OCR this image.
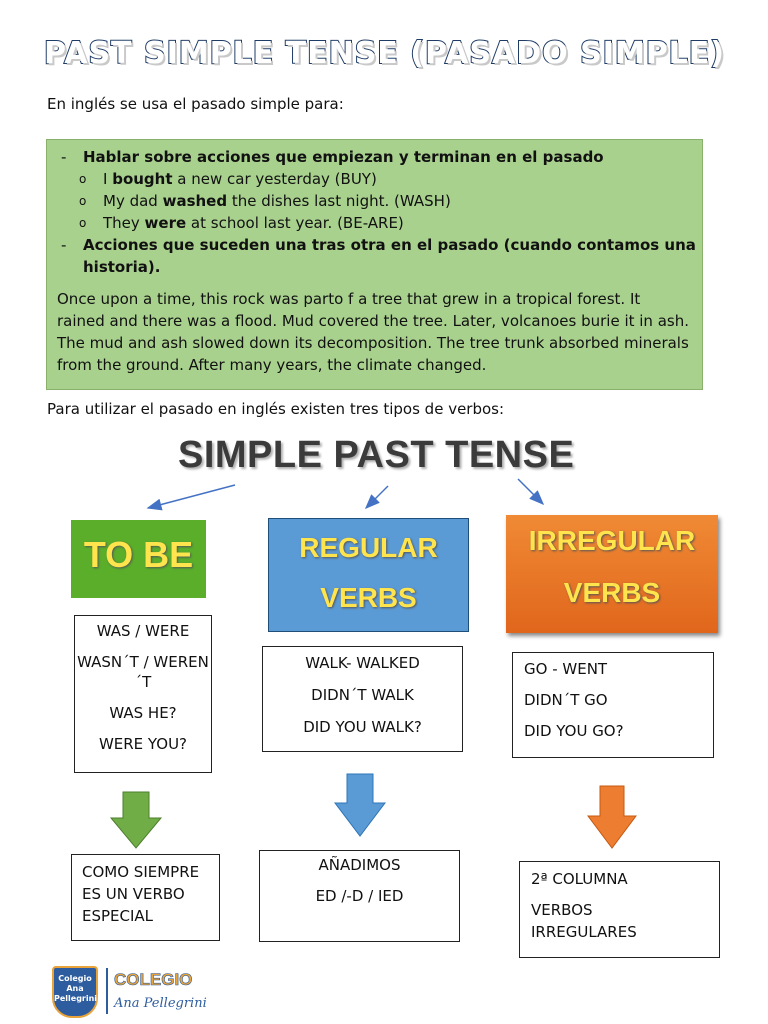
PAST SIMPLE TENSE (PASADO SIMPLE)
En inglés se usa el pasado simple para:
- Hablar sobre acciones que empiezan y terminan en el pasado
o I bought a new car yesterday (BUY)
o My dad washed the dishes last night. (WASH)
o They were at school last year. (BE-ARE)
- Acciones que suceden una tras otra en el pasado (cuando contamos una
historia).
Once upon a time, this rock was parto f a tree that grew in a tropical forest. It rained and there was a flood. Mud covered the tree. Later, volcanoes burie it in ash. The mud and ash slowed down its decomposition. The tree trunk absorbed minerals from the ground. After many years, the climate changed.
Para utilizar el pasado en inglés existen tres tipos de verbos:
SIMPLE PAST TENSE
TO BE	REGULAR
VERBS
IRREGULAR
VERBS
WAS / WERE
WASN´T / WEREN´T
WAS HE?
WERE YOU?
WALK- WALKED
DIDN´T WALK
DID YOU WALK?
GO - WENT
DIDN´T GO
DID YOU GO?
COMO SIEMPRE
ES UN VERBO
ESPECIAL
AÑADIMOS
ED /-D / IED
2ª COLUMNA
VERBOS
IRREGULARES
Colegio
Ana
Pellegrini
COLEGIO
Ana Pellegrini
